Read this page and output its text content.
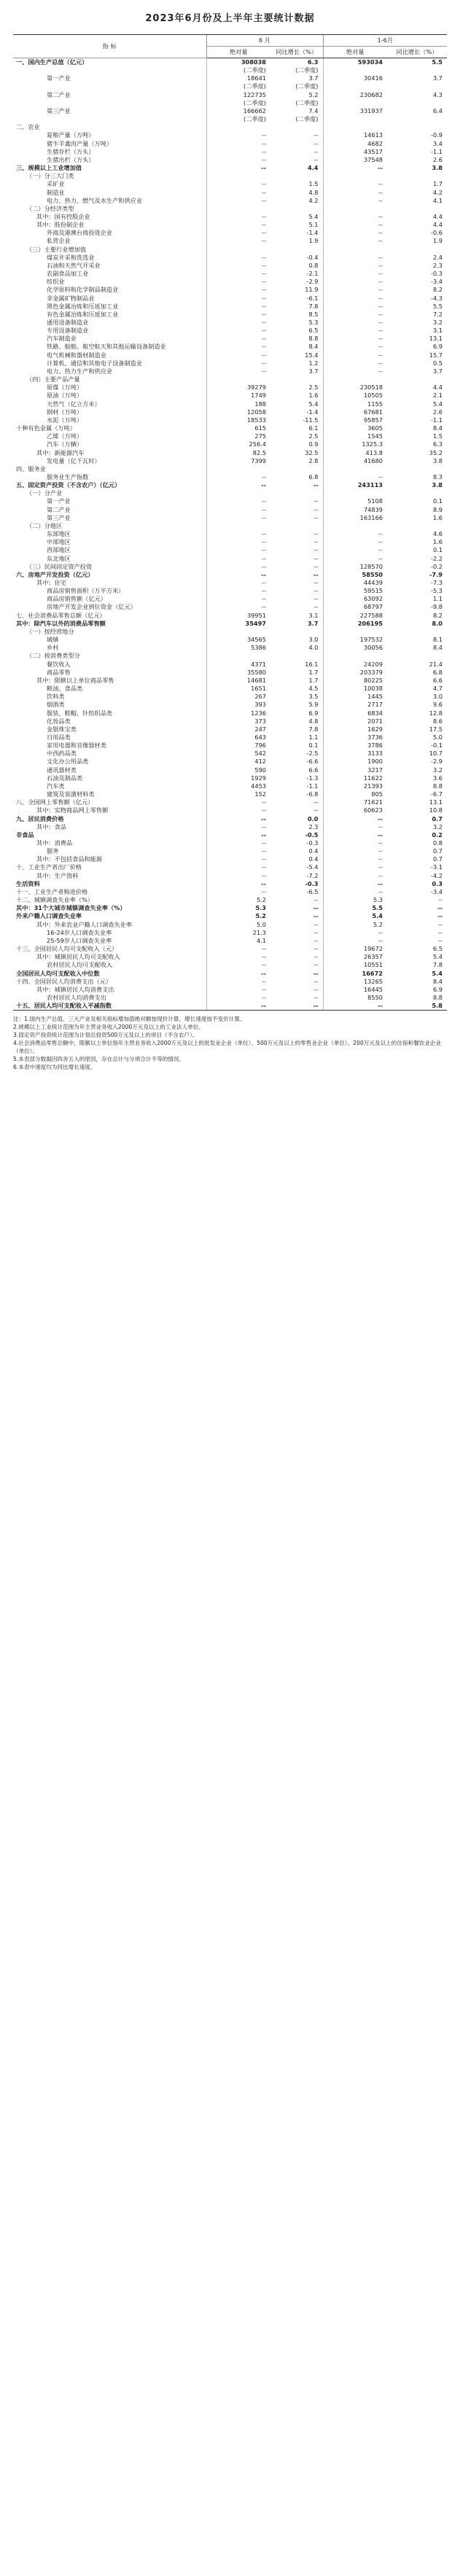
2023年6月份及上半年主要统计数据
指 标	6 月		1-6月	
	绝对量	同比增长（%）	绝对量	同比增长（%）
一、国内生产总值（亿元）	308038	6.3	593034	5.5
	(二季度)	(二季度)		
第一产业	18641	3.7	30416	3.7
	(二季度)	(二季度)		
第二产业	122735	5.2	230682	4.3
	(二季度)	(二季度)		
第三产业	166662	7.4	331937	6.4
	(二季度)	(二季度)		
二、农业				
夏粮产量（万吨）	--	--	14613	-0.9
猪牛羊禽肉产量（万吨）	--	--	4682	3.4
生猪存栏（万头）	--	--	43517	-1.1
生猪出栏（万头）	--	--	37548	2.6
三、规模以上工业增加值	--	4.4	--	3.8
（一）分三大门类				
采矿业	--	1.5	--	1.7
制造业	--	4.8	--	4.2
电力、热力、燃气及水生产和供应业	--	4.2	--	4.1
（二）分经济类型				
其中：国有控股企业	--	5.4	--	4.4
其中：股份制企业	--	5.1	--	4.4
外商及港澳台商投资企业	--	-1.4	--	-0.6
私营企业	--	1.9	--	1.9
（三）主要行业增加值				
煤炭开采和洗选业	--	-0.4	--	2.4
石油和天然气开采业	--	0.8	--	2.3
农副食品加工业	--	-2.1	--	-0.3
纺织业	--	-2.9	--	-3.4
化学原料和化学制品制造业	--	11.9	--	8.2
非金属矿物制品业	--	-6.1	--	-4.3
黑色金属冶炼和压延加工业	--	7.8	--	5.5
有色金属冶炼和压延加工业	--	8.5	--	7.2
通用设备制造业	--	5.3	--	3.2
专用设备制造业	--	6.5	--	3.1
汽车制造业	--	8.8	--	13.1
铁路、船舶、航空航天和其他运输设备制造业	--	8.4	--	6.9
电气机械和器材制造业	--	15.4	--	15.7
计算机、通信和其他电子设备制造业	--	1.2	--	0.5
电力、热力生产和供应业	--	3.7	--	3.7
（四）主要产品产量				
原煤（万吨）	39279	2.5	230518	4.4
原油（万吨）	1749	1.6	10505	2.1
天然气（亿立方米）	188	5.4	1155	5.4
钢材（万吨）	12058	-1.4	67681	2.6
水泥（万吨）	18533	-11.5	95857	-1.1
十种有色金属（万吨）	615	6.1	3605	8.4
乙烯（万吨）	275	2.5	1545	1.5
汽车（万辆）	256.4	0.9	1325.3	6.3
其中：新能源汽车	82.5	32.5	413.8	35.2
发电量（亿千瓦时）	7399	2.8	41680	3.8
四、服务业				
服务业生产指数	--	6.8	--	8.3
五、固定资产投资（不含农户）（亿元）	--	--	243113	3.8
（一）分产业				
第一产业	--	--	5108	0.1
第二产业	--	--	74839	8.9
第三产业	--	--	163166	1.6
（二）分地区				
东部地区	--	--	--	4.6
中部地区	--	--	--	1.6
西部地区	--	--	--	0.1
东北地区	--	--	--	-2.2
（三）民间固定资产投资	--	--	128570	-0.2
六、房地产开发投资（亿元）	--	--	58550	-7.9
其中：住宅	--	--	44439	-7.3
商品房销售面积（万平方米）	--	--	59515	-5.3
商品房销售额（亿元）	--	--	63092	1.1
房地产开发企业到位资金（亿元）	--	--	68797	-9.8
七、社会消费品零售总额（亿元）	39951	3.1	227588	8.2
其中：除汽车以外的消费品零售额	35497	3.7	206195	8.0
（一）按经营地分				
城镇	34565	3.0	197532	8.1
乡村	5386	4.0	30056	8.4
（二）按消费类型分				
餐饮收入	4371	16.1	24209	21.4
商品零售	35580	1.7	203379	6.8
其中：限额以上单位商品零售	14681	1.7	80225	6.6
粮油、食品类	1651	4.5	10038	4.7
饮料类	267	3.5	1445	3.0
烟酒类	393	5.9	2717	9.6
服装、鞋帽、针纺织品类	1236	6.9	6834	12.8
化妆品类	373	4.8	2071	8.6
金银珠宝类	247	7.8	1629	17.5
日用品类	643	1.1	3736	5.0
家用电器和音像器材类	796	0.1	3786	-0.1
中西药品类	542	-2.5	3133	10.7
文化办公用品类	412	-6.6	1900	-2.9
通讯器材类	590	6.6	3217	3.2
石油及制品类	1929	-1.3	11622	3.6
汽车类	4453	-1.1	21393	8.8
建筑及装潢材料类	152	-6.8	805	-6.7
八、全国网上零售额（亿元）	--	--	71621	13.1
其中：实物商品网上零售额	--	--	60623	10.8
九、居民消费价格	--	0.0	--	0.7
其中：食品	--	2.3	--	3.2
非食品	--	-0.5	--	0.2
其中：消费品	--	-0.3	--	0.8
服务	--	0.4	--	0.7
其中：不包括食品和能源	--	0.4	--	0.7
十、工业生产者出厂价格	--	-5.4	--	-3.1
其中：生产资料	--	-7.2	--	-4.2
生活资料	--	-0.3	--	0.3
十一、工业生产者购进价格	--	-6.5	--	-3.4
十二、城镇调查失业率（%）	5.2	--	5.3	--
其中：31个大城市城镇调查失业率（%）	5.3	--	5.5	--
外来户籍人口调查失业率	5.2	--	5.4	--
其中：外来农业户籍人口调查失业率	5.0	--	5.2	--
16-24岁人口调查失业率	21.3	--	--	--
25-59岁人口调查失业率	4.1	--	--	--
十三、全国居民人均可支配收入（元）	--	--	19672	6.5
其中：城镇居民人均可支配收入	--	--	26357	5.4
农村居民人均可支配收入	--	--	10551	7.8
全国居民人均可支配收入中位数	--	--	16672	5.4
十四、全国居民人均消费支出（元）	--	--	13265	8.4
其中：城镇居民人均消费支出	--	--	16445	6.9
农村居民人均消费支出	--	--	8550	8.8
十五、居民人均可支配收入平减指数	--	--	--	5.8

注：1.国内生产总值、三大产业及相关指标增加值绝对额按现价计算，增长速度按不变价计算。

2.规模以上工业统计范围为年主营业务收入2000万元及以上的工业法人单位。

3.固定资产投资统计范围为计划总投资500万元及以上的项目（不含农户）。

4.社会消费品零售总额中，限额以上单位指年主营业务收入2000万元及以上的批发业企业（单位）、500万元及以上的零售业企业（单位）、200万元及以上的住宿和餐饮业企业（单位）。

5.本表部分数据因四舍五入的原因，存在总计与分项合计不等的情况。

6.本表中速度均为同比增长速度。
